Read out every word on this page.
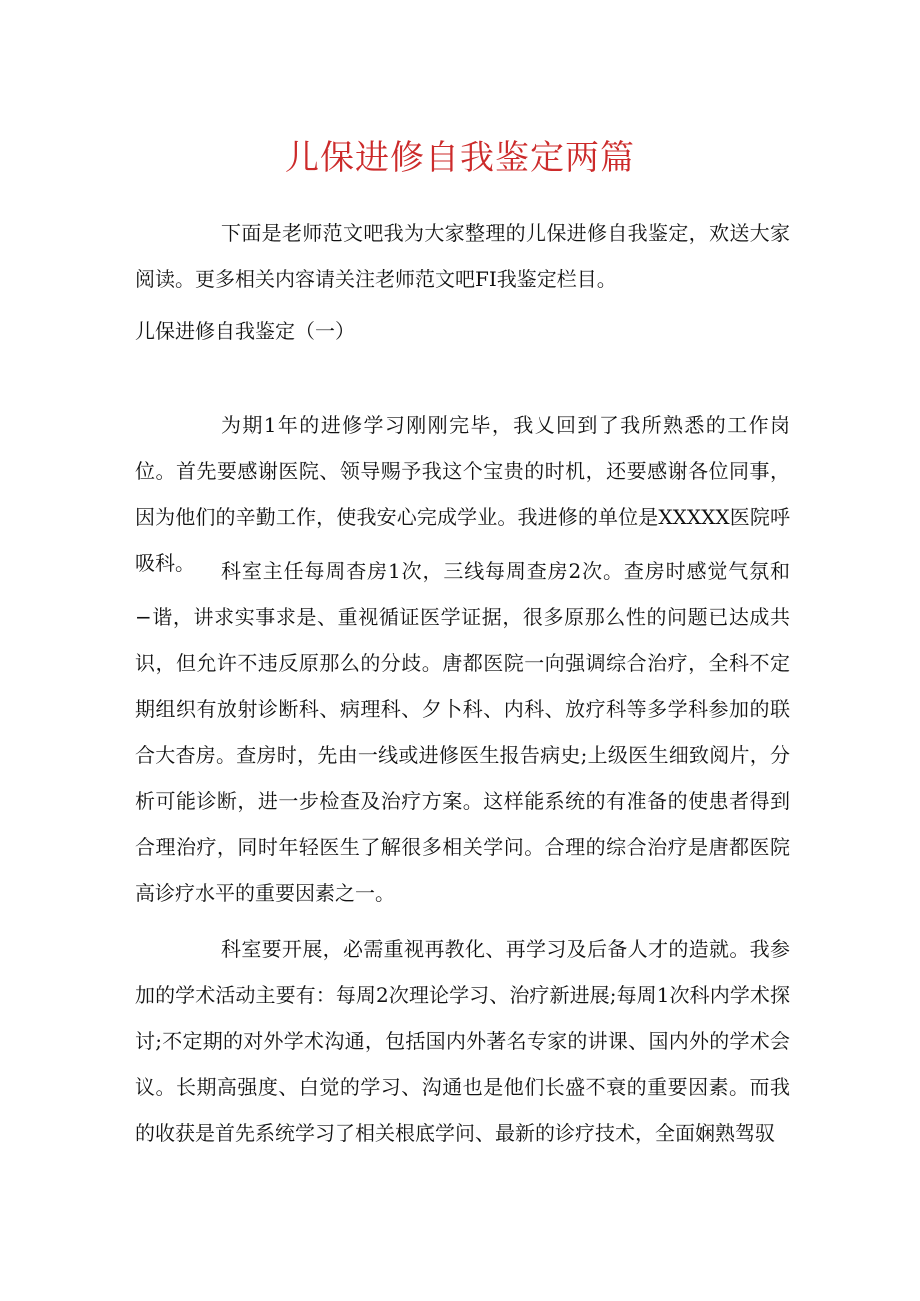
儿保进修自我鉴定两篇
下面是老师范文吧我为大家整理的儿保进修自我鉴定，欢送大家阅读。更多相关内容请关注老师范文吧FI我鉴定栏目。
儿保进修自我鉴定（一）
为期1年的进修学习刚刚完毕，我乂回到了我所熟悉的工作岗位。首先要感谢医院、领导赐予我这个宝贵的时机，还要感谢各位同事，因为他们的辛勤工作，使我安心完成学业。我进修的单位是XXXXX医院呼吸科。	科室主任每周杳房1次，三线每周查房2次。查房时感觉气氛和−谐，讲求实事求是、重视循证医学证据，很多原那么性的问题已达成共识，但允许不违反原那么的分歧。唐都医院一向强调综合治疗，全科不定期组织有放射诊断科、病理科、夕卜科、内科、放疗科等多学科参加的联合大杳房。查房时，先由一线或进修医生报告病史;上级医生细致阅片，分析可能诊断，进一步检查及治疗方案。这样能系统的有准备的使患者得到合理治疗，同时年轻医生了解很多相关学问。合理的综合治疗是唐都医院高诊疗水平的重要因素之一。
科室要开展，必需重视再教化、再学习及后备人才的造就。我参加的学术活动主要有：每周2次理论学习、治疗新进展;每周1次科内学术探讨;不定期的对外学术沟通，包括国内外著名专家的讲课、国内外的学术会议。长期高强度、白觉的学习、沟通也是他们长盛不衰的重要因素。而我的收获是首先系统学习了相关根底学问、最新的诊疗技术，全面娴熟驾驭
